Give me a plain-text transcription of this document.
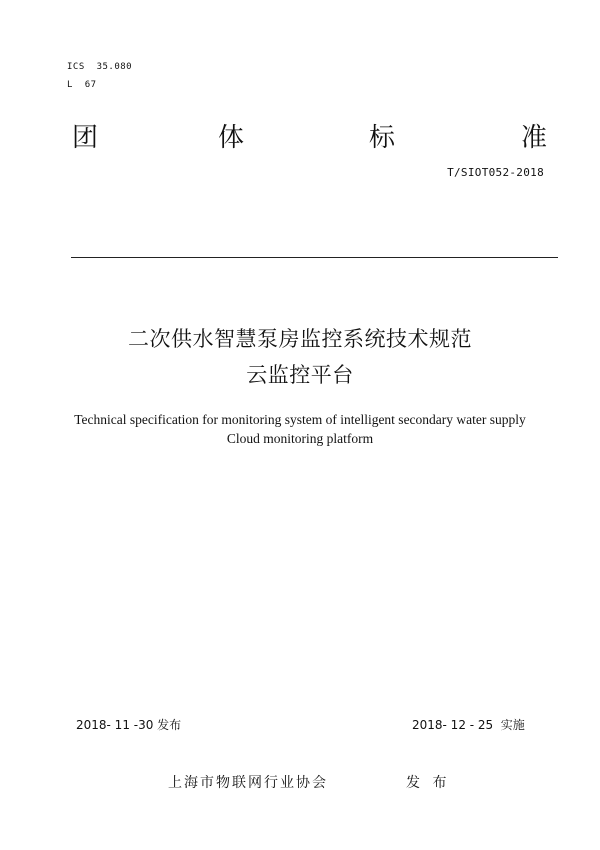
ICS  35.080
L  67
团	体	标	准
T/SIOT052-2018
二次供水智慧泵房监控系统技术规范
云监控平台
Technical specification for monitoring system of intelligent secondary water supply
Cloud monitoring platform
2018- 11 -30 发布	2018- 12 - 25  实施
上海市物联网行业协会	发 布
